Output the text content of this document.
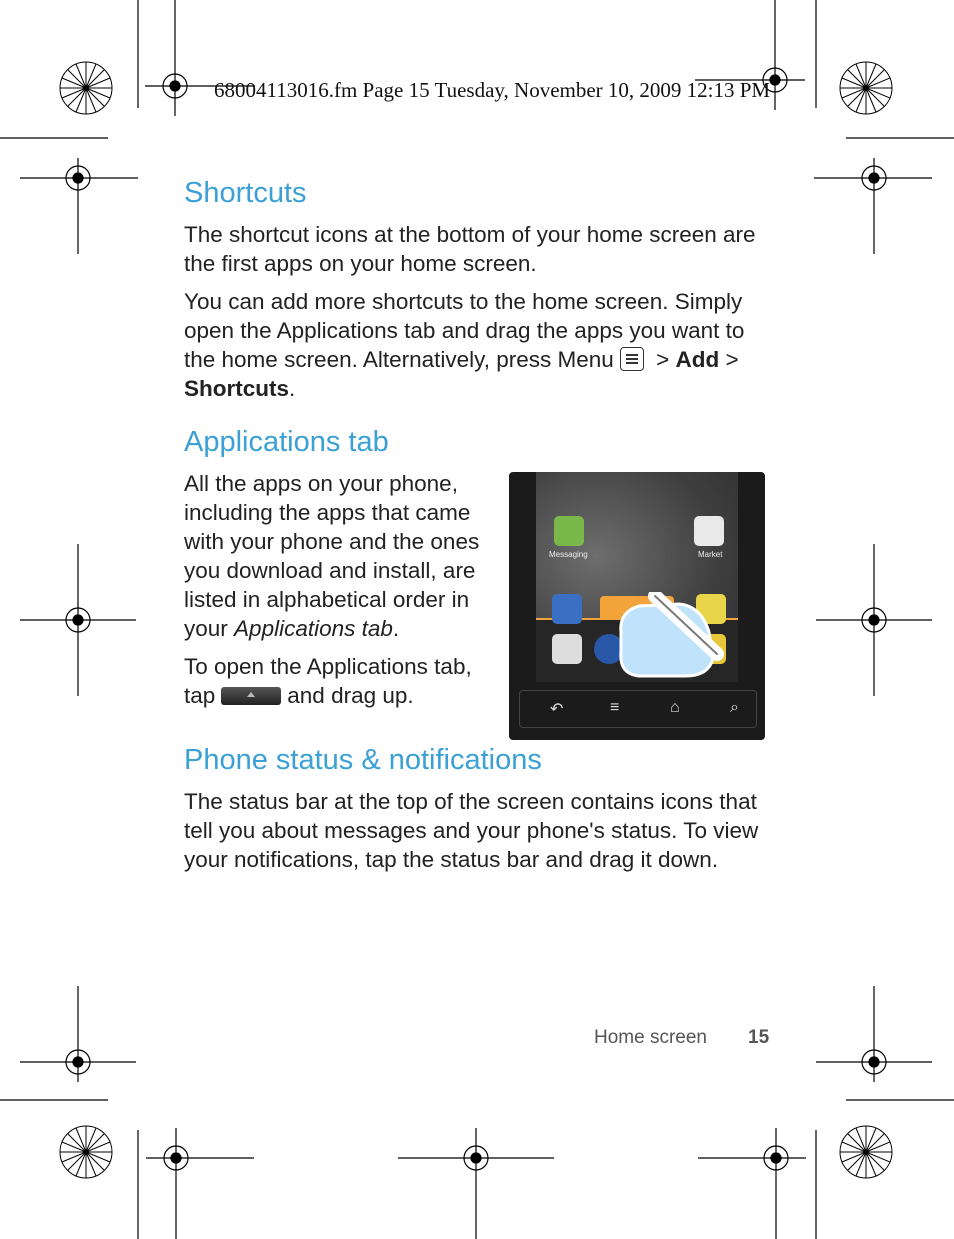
68004113016.fm Page 15 Tuesday, November 10, 2009 12:13 PM
Shortcuts

The shortcut icons at the bottom of your home screen are the first apps on your home screen.

You can add more shortcuts to the home screen. Simply open the Applications tab and drag the apps you want to the home screen. Alternatively, press Menu > Add > Shortcuts.

Applications tab

All the apps on your phone, including the apps that came with your phone and the ones you download and install, are listed in alphabetical order in your Applications tab.

To open the Applications tab, tap	and drag up.

Phone status & notifications

The status bar at the top of the screen contains icons that tell you about messages and your phone's status. To view your notifications, tap the status bar and drag it down.

Messaging	Market
↶	≡	⌂	⌕
Home screen 15
